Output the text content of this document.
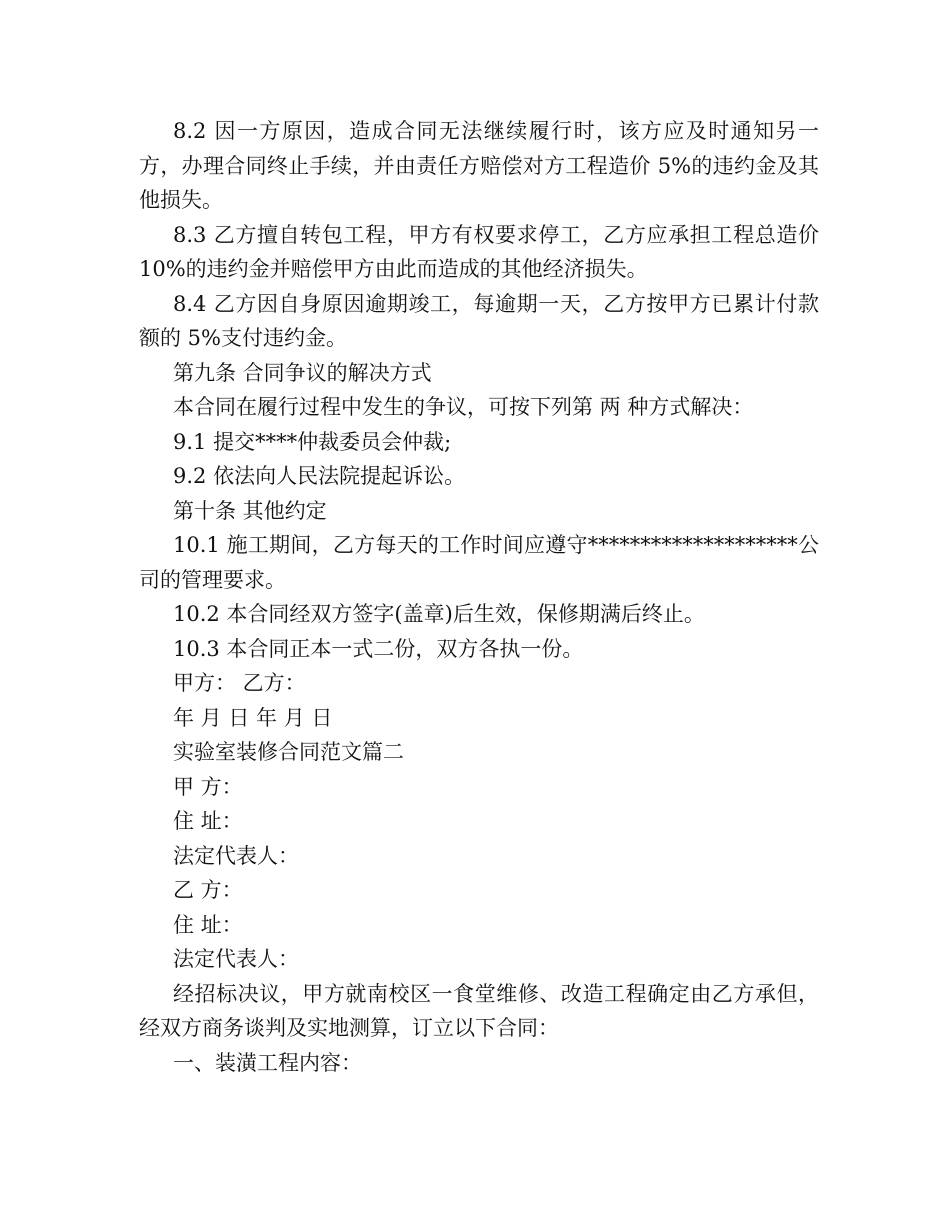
8.2 因一方原因，造成合同无法继续履行时，该方应及时通知另一方，办理合同终止手续，并由责任方赔偿对方工程造价 5%的违约金及其他损失。

8.3 乙方擅自转包工程，甲方有权要求停工，乙方应承担工程总造价 10%的违约金并赔偿甲方由此而造成的其他经济损失。

8.4 乙方因自身原因逾期竣工，每逾期一天，乙方按甲方已累计付款额的 5%支付违约金。

第九条 合同争议的解决方式

本合同在履行过程中发生的争议，可按下列第 两 种方式解决：

9.1 提交****仲裁委员会仲裁;

9.2 依法向人民法院提起诉讼。

第十条 其他约定

10.1 施工期间，乙方每天的工作时间应遵守********************公司的管理要求。

10.2 本合同经双方签字(盖章)后生效，保修期满后终止。

10.3 本合同正本一式二份，双方各执一份。

甲方： 乙方：

年 月 日 年 月 日

实验室装修合同范文篇二

甲 方：

住 址：

法定代表人：

乙 方：

住 址：

法定代表人：

经招标决议，甲方就南校区一食堂维修、改造工程确定由乙方承但，经双方商务谈判及实地测算，订立以下合同：

一、装潢工程内容：
